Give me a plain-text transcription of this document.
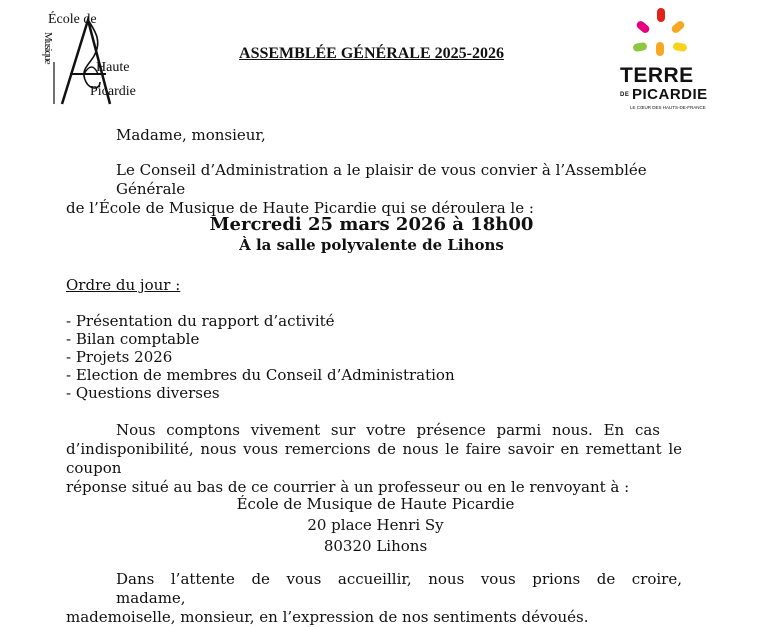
École de
Musique
Haute
Picardie
TERRE
DE PICARDIE
LE CŒUR DES HAUTS-DE-FRANCE
ASSEMBLÉE GÉNÉRALE 2025-2026
Madame, monsieur,
Le Conseil d’Administration a le plaisir de vous convier à l’Assemblée Générale
de l’École de Musique de Haute Picardie qui se déroulera le :
Mercredi 25 mars 2026 à 18h00
À la salle polyvalente de Lihons
Ordre du jour :
- Présentation du rapport d’activité
- Bilan comptable
- Projets 2026
- Election de membres du Conseil d’Administration
- Questions diverses
Nous comptons vivement sur votre présence parmi nous. En cas
d’indisponibilité, nous vous remercions de nous le faire savoir en remettant le coupon
réponse situé au bas de ce courrier à un professeur ou en le renvoyant à :
École de Musique de Haute Picardie
20 place Henri Sy
80320 Lihons
Dans l’attente de vous accueillir, nous vous prions de croire, madame,
mademoiselle, monsieur, en l’expression de nos sentiments dévoués.
